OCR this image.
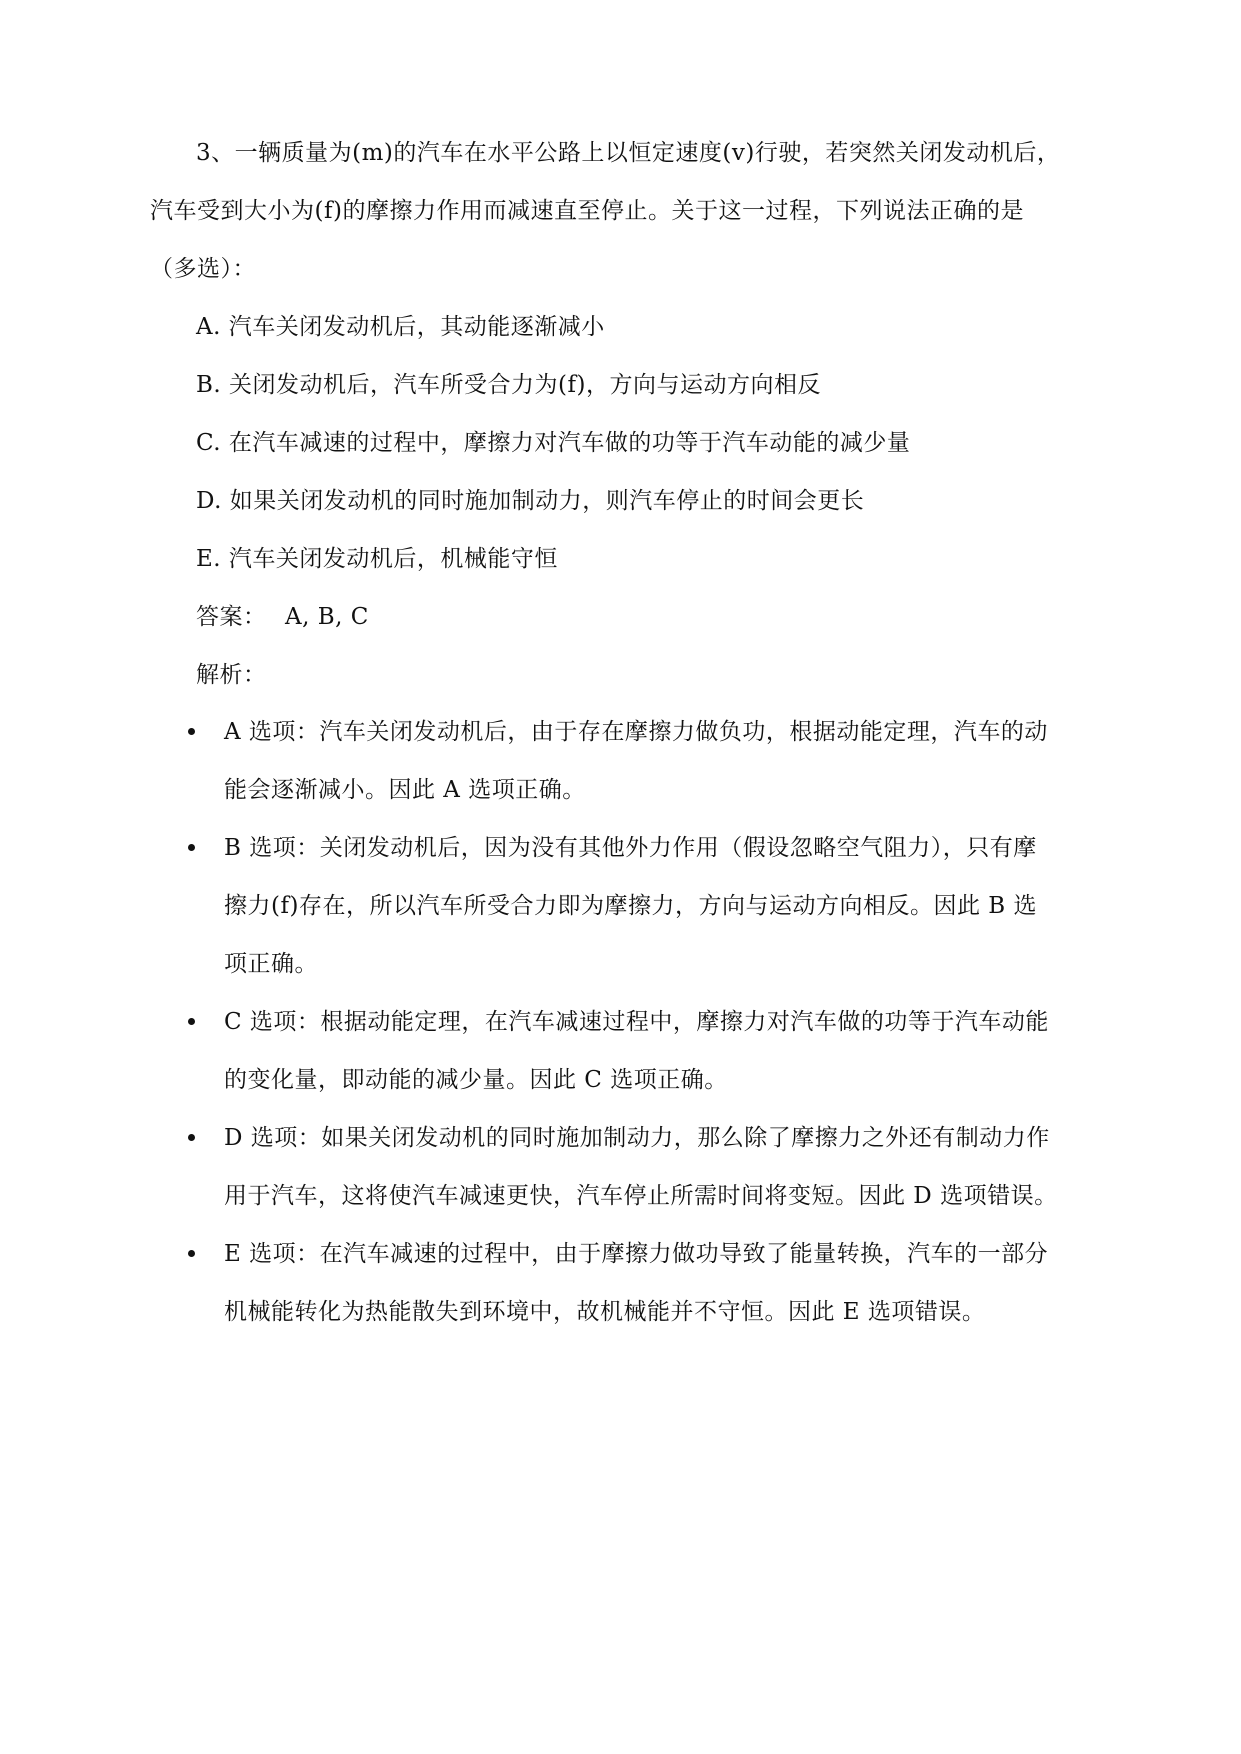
3、一辆质量为(m)的汽车在水平公路上以恒定速度(v)行驶，若突然关闭发动机后，
汽车受到大小为(f)的摩擦力作用而减速直至停止。关于这一过程，下列说法正确的是
（多选）：
A. 汽车关闭发动机后，其动能逐渐减小
B. 关闭发动机后，汽车所受合力为(f)，方向与运动方向相反
C. 在汽车减速的过程中，摩擦力对汽车做的功等于汽车动能的减少量
D. 如果关闭发动机的同时施加制动力，则汽车停止的时间会更长
E. 汽车关闭发动机后，机械能守恒
答案： A, B, C
解析：
A 选项：汽车关闭发动机后，由于存在摩擦力做负功，根据动能定理，汽车的动
能会逐渐减小。因此 A 选项正确。
B 选项：关闭发动机后，因为没有其他外力作用（假设忽略空气阻力），只有摩
擦力(f)存在，所以汽车所受合力即为摩擦力，方向与运动方向相反。因此 B 选
项正确。
C 选项：根据动能定理，在汽车减速过程中，摩擦力对汽车做的功等于汽车动能
的变化量，即动能的减少量。因此 C 选项正确。
D 选项：如果关闭发动机的同时施加制动力，那么除了摩擦力之外还有制动力作
用于汽车，这将使汽车减速更快，汽车停止所需时间将变短。因此 D 选项错误。
E 选项：在汽车减速的过程中，由于摩擦力做功导致了能量转换，汽车的一部分
机械能转化为热能散失到环境中，故机械能并不守恒。因此 E 选项错误。
